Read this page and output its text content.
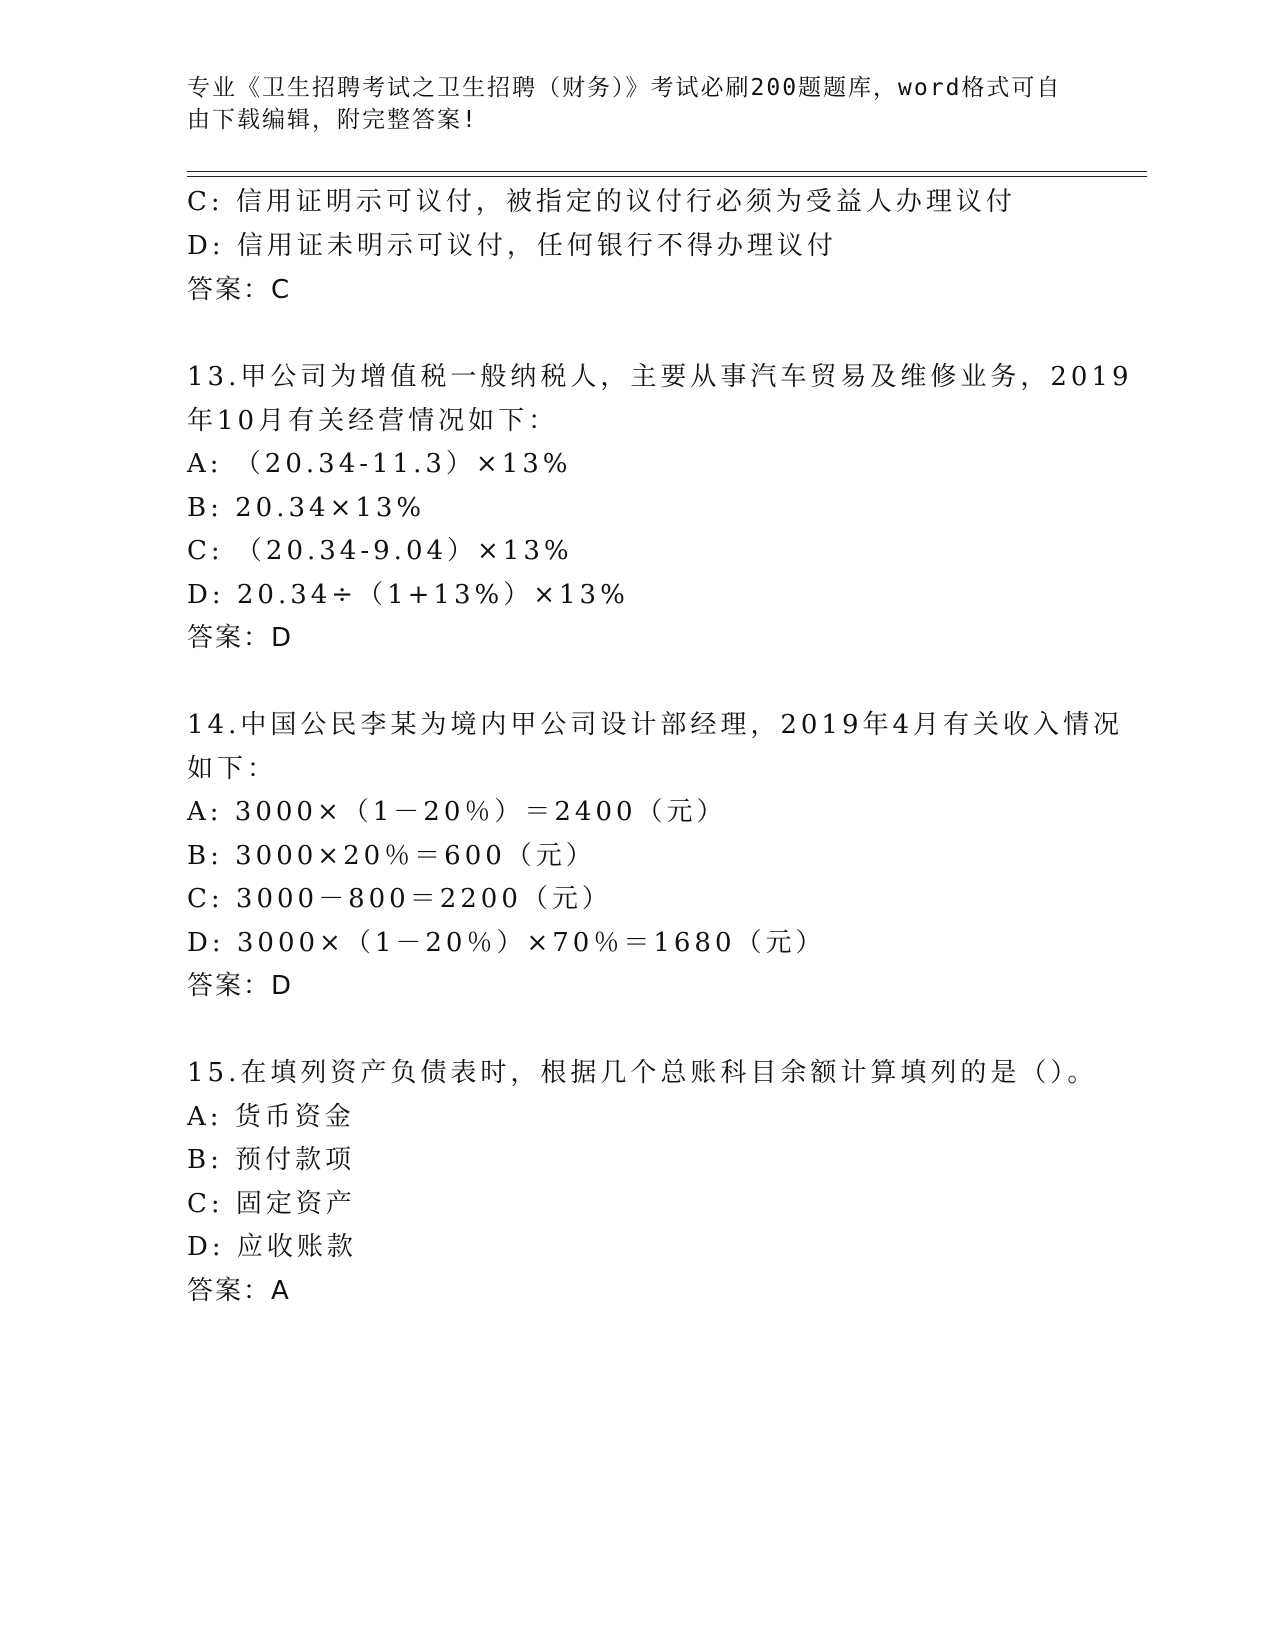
专业《卫生招聘考试之卫生招聘（财务）》考试必刷200题题库，word格式可自
由下载编辑，附完整答案!
C: 信用证明示可议付，被指定的议付行必须为受益人办理议付
D: 信用证未明示可议付，任何银行不得办理议付
答案：C
13.甲公司为增值税一般纳税人，主要从事汽车贸易及维修业务，2019
年10月有关经营情况如下：
A: （20.34-11.3）×13%
B: 20.34×13%
C: （20.34-9.04）×13%
D: 20.34÷（1+13%）×13%
答案：D
14.中国公民李某为境内甲公司设计部经理，2019年4月有关收入情况
如下：
A: 3000×（1－20％）＝2400（元）
B: 3000×20％＝600（元）
C: 3000－800＝2200（元）
D: 3000×（1－20％）×70％＝1680（元）
答案：D
15.在填列资产负债表时，根据几个总账科目余额计算填列的是（）。
A: 货币资金
B: 预付款项
C: 固定资产
D: 应收账款
答案：A
